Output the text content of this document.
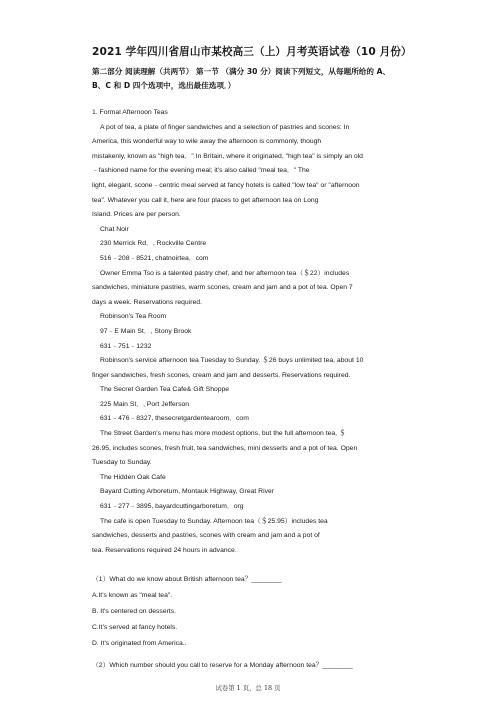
2021 学年四川省眉山市某校高三（上）月考英语试卷（10 月份）
第二部分 阅读理解（共两节） 第一节 （满分 30 分）阅读下列短文，从每题所给的 A、
B、C 和 D 四个选项中，选出最佳选项．）
1. Formal Afternoon Teas
A pot of tea, a plate of finger sandwiches and a selection of pastries and scones: In
America, this wonderful way to wile away the afternoon is commonly, though
mistakenly, known as "high tea．" In Britain, where it originated, "high tea" is simply an old
﹣fashioned name for the evening meal; it's also called "meal tea．" The
light, elegant, scone﹣centric meal served at fancy hotels is called "low tea" or "afternoon
tea". Whatever you call it, here are four places to get afternoon tea on Long
Island. Prices are per person.
Chat Noir
230 Merrick Rd．, Rockville Centre
516﹣208﹣8521, chatnoirtea．com
Owner Emma Tso is a talented pastry chef, and her afternoon tea（＄22）includes
sandwiches, miniature pastries, warm scones, cream and jam and a pot of tea. Open 7
days a week. Reservations required.
Robinson's Tea Room
97﹣E Main St．, Stony Brook
631﹣751﹣1232
Robinson's service afternoon tea Tuesday to Sunday. ＄26 buys unlimited tea, about 10
finger sandwiches, fresh scones, cream and jam and desserts. Reservations required.
The Secret Garden Tea Cafe& Gift Shoppe
225 Main St．, Port Jefferson
631﹣476﹣8327, thesecretgardentearoom．com
The Street Garden's menu has more modest options, but the full afternoon tea, ＄
26.95, includes scones, fresh fruit, tea sandwiches, mini desserts and a pot of tea. Open
Tuesday to Sunday.
The Hidden Oak Cafe
Bayard Cutting Arboretum, Montauk Highway, Great River
631﹣277﹣3895, bayardcuttingarboretum．org
The cafe is open Tuesday to Sunday. Afternoon tea（＄25.95）includes tea
sandwiches, desserts and pastries, scones with cream and jam and a pot of
tea. Reservations required 24 hours in advance.
（1）What do we know about British afternoon tea？________
A.It's known as "meal tea".
B. It's centered on desserts.
C.It's served at fancy hotels.
D. It's originated from America..
（2）Which number should you call to reserve for a Monday afternoon tea？________
试卷第 1 页，总 18 页
